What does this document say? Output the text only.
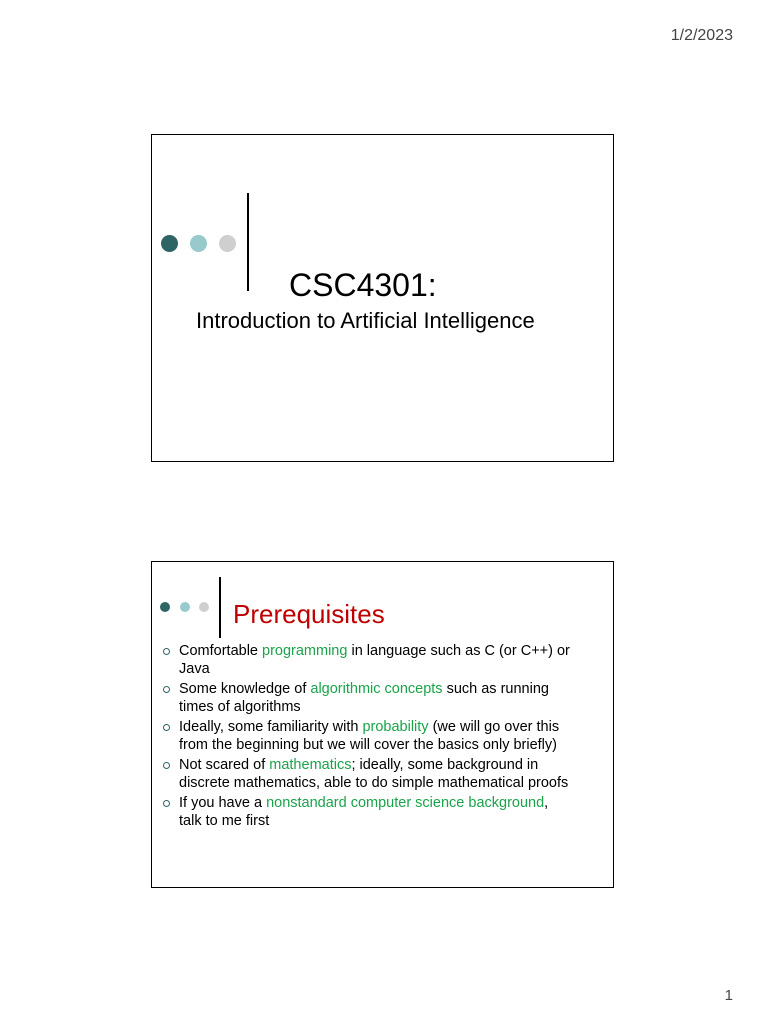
1/2/2023
CSC4301:
Introduction to Artificial Intelligence
Prerequisites
Comfortable programming in language such as C (or C++) or
Java
Some knowledge of algorithmic concepts such as running
times of algorithms
Ideally, some familiarity with probability (we will go over this
from the beginning but we will cover the basics only briefly)
Not scared of mathematics; ideally, some background in
discrete mathematics, able to do simple mathematical proofs
If you have a nonstandard computer science background,
talk to me first
1
